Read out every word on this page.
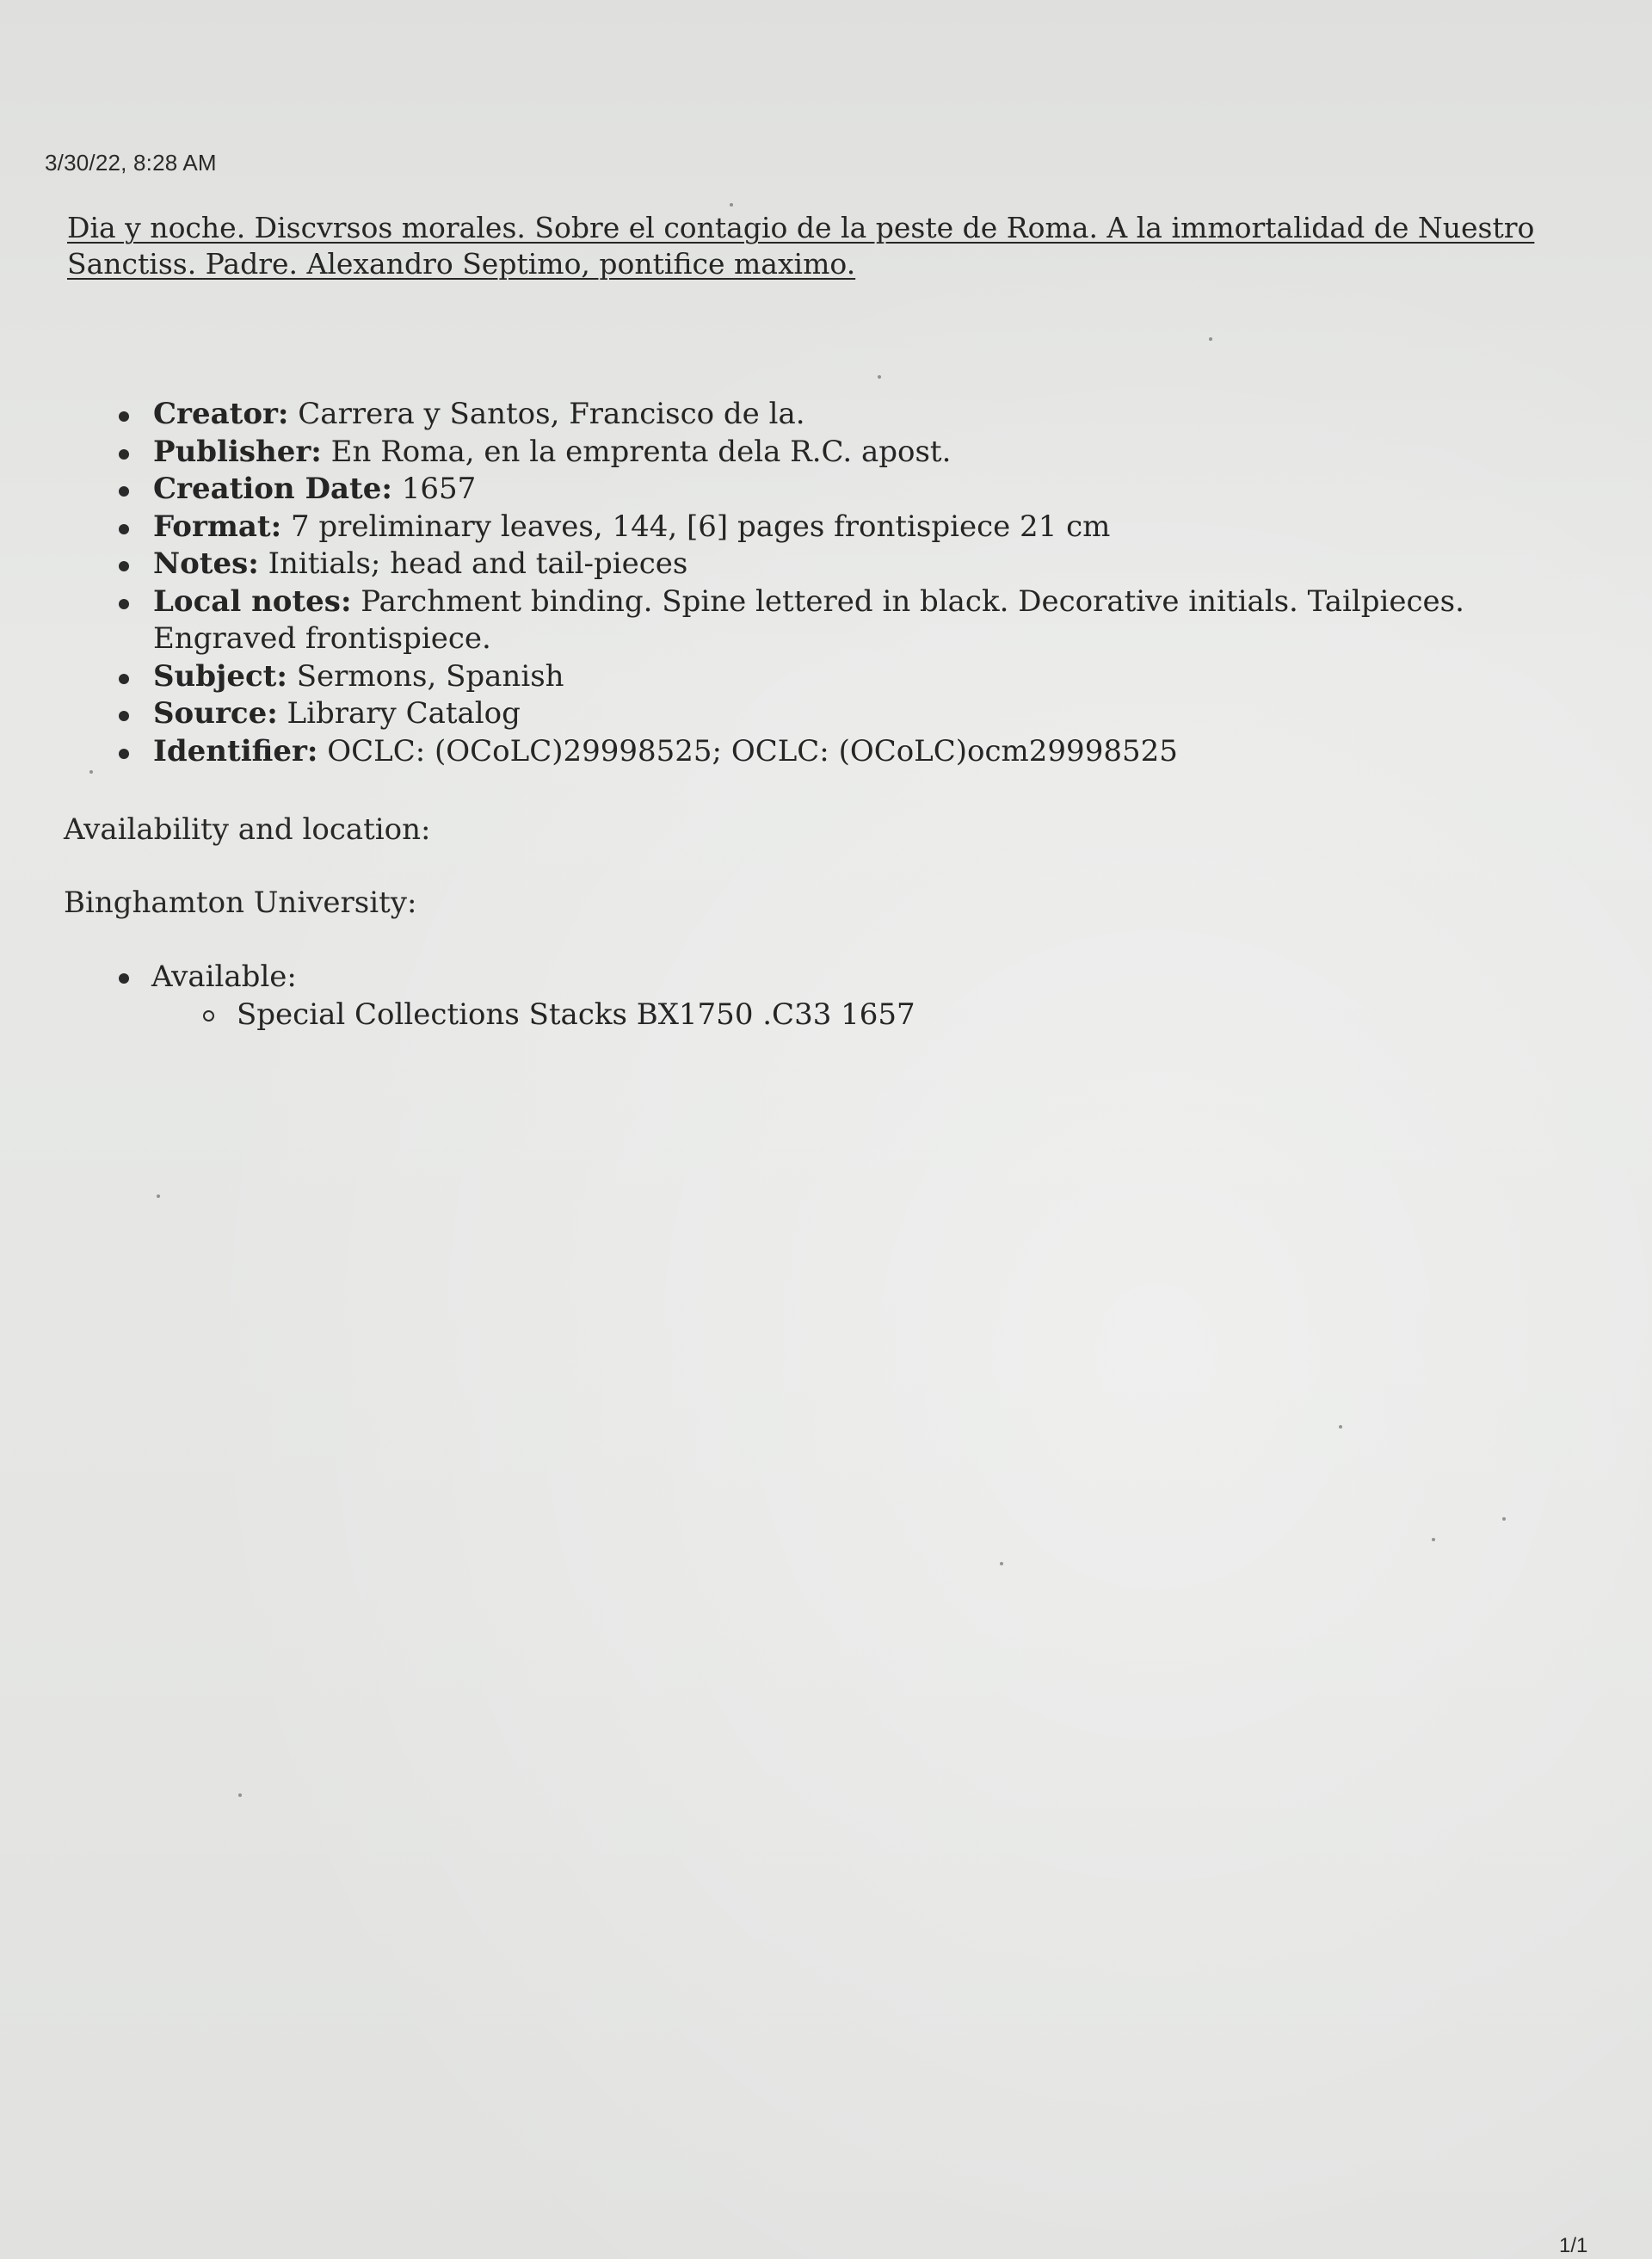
3/30/22, 8:28 AM
Dia y noche. Discvrsos morales. Sobre el contagio de la peste de Roma. A la immortalidad de Nuestro Sanctiss. Padre. Alexandro Septimo, pontifice maximo.
Creator: Carrera y Santos, Francisco de la.
Publisher: En Roma, en la emprenta dela R.C. apost.
Creation Date: 1657
Format: 7 preliminary leaves, 144, [6] pages frontispiece 21 cm
Notes: Initials; head and tail-pieces
Local notes: Parchment binding. Spine lettered in black. Decorative initials. Tailpieces. Engraved frontispiece.
Subject: Sermons, Spanish
Source: Library Catalog
Identifier: OCLC: (OCoLC)29998525; OCLC: (OCoLC)ocm29998525
Availability and location:
Binghamton University:
Available:
Special Collections Stacks BX1750 .C33 1657
1/1
